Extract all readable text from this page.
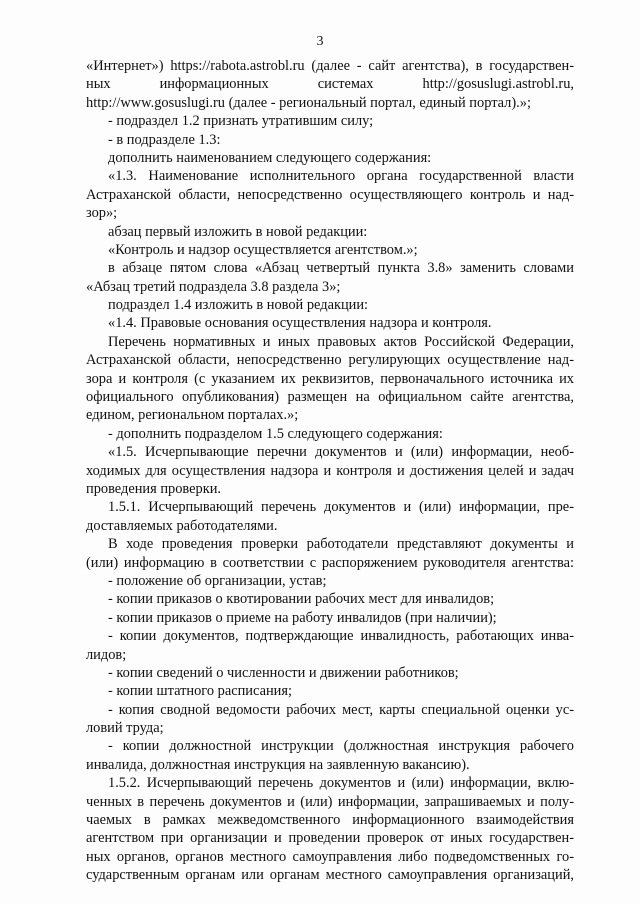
3
«Интернет») https://rabota.astrobl.ru (далее - сайт агентства), в государствен-
ных информационных системах http://gosuslugi.astrobl.ru,
http://www.gosuslugi.ru (далее - региональный портал, единый портал).»;
- подраздел 1.2 признать утратившим силу;
- в подразделе 1.3:
дополнить наименованием следующего содержания:
«1.3. Наименование исполнительного органа государственной власти
Астраханской области, непосредственно осуществляющего контроль и над-
зор»;
абзац первый изложить в новой редакции:
«Контроль и надзор осуществляется агентством.»;
в абзаце пятом слова «Абзац четвертый пункта 3.8» заменить словами
«Абзац третий подраздела 3.8 раздела 3»;
подраздел 1.4 изложить в новой редакции:
«1.4. Правовые основания осуществления надзора и контроля.
Перечень нормативных и иных правовых актов Российской Федерации,
Астраханской области, непосредственно регулирующих осуществление над-
зора и контроля (с указанием их реквизитов, первоначального источника их
официального опубликования) размещен на официальном сайте агентства,
едином, региональном порталах.»;
- дополнить подразделом 1.5 следующего содержания:
«1.5. Исчерпывающие перечни документов и (или) информации, необ-
ходимых для осуществления надзора и контроля и достижения целей и задач
проведения проверки.
1.5.1. Исчерпывающий перечень документов и (или) информации, пре-
доставляемых работодателями.
В ходе проведения проверки работодатели представляют документы и
(или) информацию в соответствии с распоряжением руководителя агентства:
- положение об организации, устав;
- копии приказов о квотировании рабочих мест для инвалидов;
- копии приказов о приеме на работу инвалидов (при наличии);
- копии документов, подтверждающие инвалидность, работающих инва-
лидов;
- копии сведений о численности и движении работников;
- копии штатного расписания;
- копия сводной ведомости рабочих мест, карты специальной оценки ус-
ловий труда;
- копии должностной инструкции (должностная инструкция рабочего
инвалида, должностная инструкция на заявленную вакансию).
1.5.2. Исчерпывающий перечень документов и (или) информации, вклю-
ченных в перечень документов и (или) информации, запрашиваемых и полу-
чаемых в рамках межведомственного информационного взаимодействия
агентством при организации и проведении проверок от иных государствен-
ных органов, органов местного самоуправления либо подведомственных го-
сударственным органам или органам местного самоуправления организаций,
